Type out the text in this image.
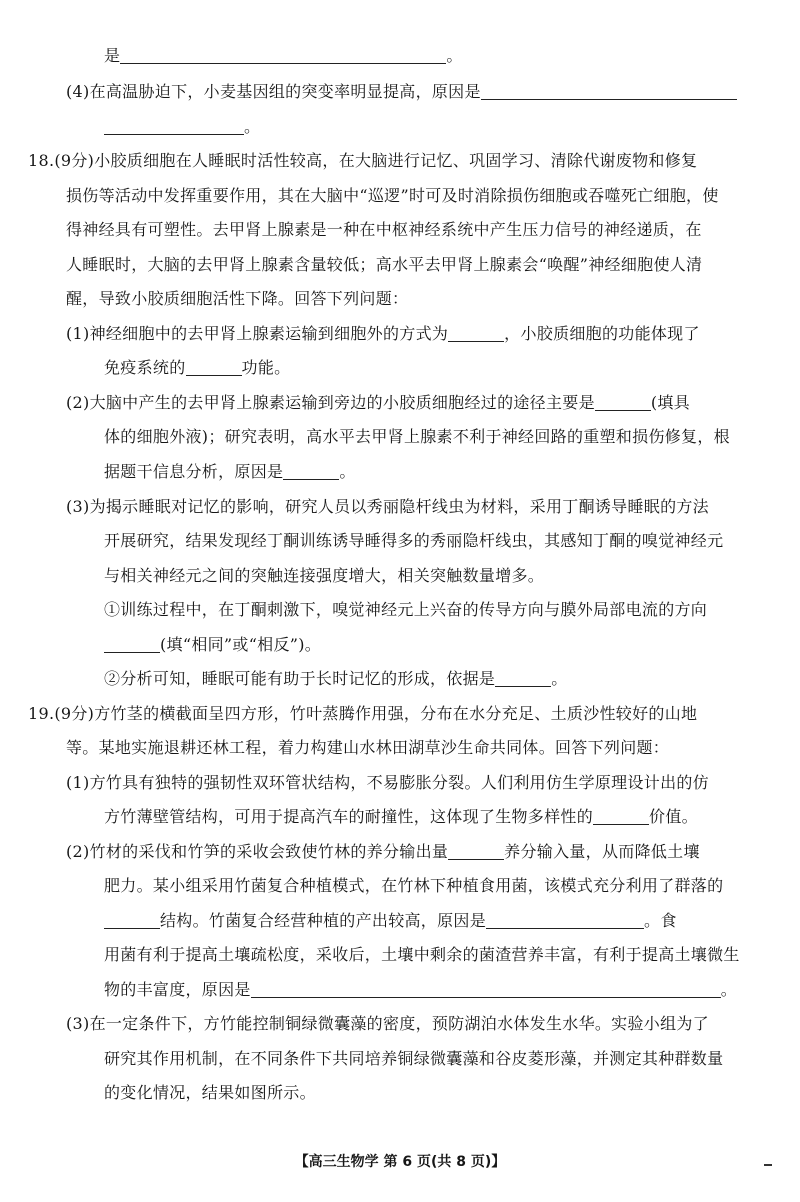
是	。
(4)在高温胁迫下，小麦基因组的突变率明显提高，原因是
。
18.(9分)小胶质细胞在人睡眠时活性较高，在大脑进行记忆、巩固学习、清除代谢废物和修复
损伤等活动中发挥重要作用，其在大脑中“巡逻”时可及时消除损伤细胞或吞噬死亡细胞，使
得神经具有可塑性。去甲肾上腺素是一种在中枢神经系统中产生压力信号的神经递质，在
人睡眠时，大脑的去甲肾上腺素含量较低；高水平去甲肾上腺素会“唤醒”神经细胞使人清
醒，导致小胶质细胞活性下降。回答下列问题：
(1)神经细胞中的去甲肾上腺素运输到细胞外的方式为	，小胶质细胞的功能体现了
免疫系统的	功能。
(2)大脑中产生的去甲肾上腺素运输到旁边的小胶质细胞经过的途径主要是	(填具
体的细胞外液)；研究表明，高水平去甲肾上腺素不利于神经回路的重塑和损伤修复，根
据题干信息分析，原因是	。
(3)为揭示睡眠对记忆的影响，研究人员以秀丽隐杆线虫为材料，采用丁酮诱导睡眠的方法
开展研究，结果发现经丁酮训练诱导睡得多的秀丽隐杆线虫，其感知丁酮的嗅觉神经元
与相关神经元之间的突触连接强度增大，相关突触数量增多。
①训练过程中，在丁酮刺激下，嗅觉神经元上兴奋的传导方向与膜外局部电流的方向
(填“相同”或“相反”)。
②分析可知，睡眠可能有助于长时记忆的形成，依据是	。
19.(9分)方竹茎的横截面呈四方形，竹叶蒸腾作用强，分布在水分充足、土质沙性较好的山地
等。某地实施退耕还林工程，着力构建山水林田湖草沙生命共同体。回答下列问题：
(1)方竹具有独特的强韧性双环管状结构，不易膨胀分裂。人们利用仿生学原理设计出的仿
方竹薄壁管结构，可用于提高汽车的耐撞性，这体现了生物多样性的	价值。
(2)竹材的采伐和竹笋的采收会致使竹林的养分输出量	养分输入量，从而降低土壤
肥力。某小组采用竹菌复合种植模式，在竹林下种植食用菌，该模式充分利用了群落的
结构。竹菌复合经营种植的产出较高，原因是	。食
用菌有利于提高土壤疏松度，采收后，土壤中剩余的菌渣营养丰富，有利于提高土壤微生
物的丰富度，原因是	。
(3)在一定条件下，方竹能控制铜绿微囊藻的密度，预防湖泊水体发生水华。实验小组为了
研究其作用机制，在不同条件下共同培养铜绿微囊藻和谷皮菱形藻，并测定其种群数量
的变化情况，结果如图所示。
【高三生物学 第 6 页(共 8 页)】
